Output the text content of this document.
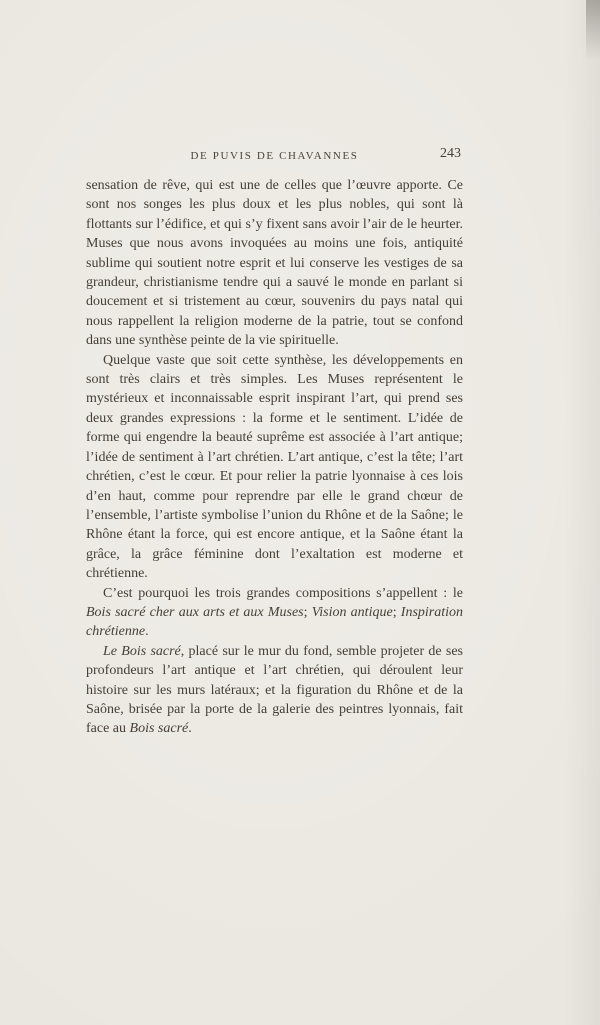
DE PUVIS DE CHAVANNES	243

sensation de rêve, qui est une de celles que l’œuvre apporte. Ce sont nos songes les plus doux et les plus nobles, qui sont là flottants sur l’édifice, et qui s’y fixent sans avoir l’air de le heurter. Muses que nous avons invoquées au moins une fois, antiquité sublime qui soutient notre esprit et lui conserve les vestiges de sa grandeur, christianisme tendre qui a sauvé le monde en parlant si doucement et si tristement au cœur, souvenirs du pays natal qui nous rappellent la religion moderne de la patrie, tout se confond dans une synthèse peinte de la vie spirituelle.

Quelque vaste que soit cette synthèse, les développements en sont très clairs et très simples. Les Muses représentent le mystérieux et inconnaissable esprit inspirant l’art, qui prend ses deux grandes expressions : la forme et le sentiment. L’idée de forme qui engendre la beauté suprême est associée à l’art antique; l’idée de sentiment à l’art chrétien. L’art antique, c’est la tête; l’art chrétien, c’est le cœur. Et pour relier la patrie lyonnaise à ces lois d’en haut, comme pour reprendre par elle le grand chœur de l’ensemble, l’artiste symbolise l’union du Rhône et de la Saône; le Rhône étant la force, qui est encore antique, et la Saône étant la grâce, la grâce féminine dont l’exaltation est moderne et chrétienne.

C’est pourquoi les trois grandes compositions s’appellent : le Bois sacré cher aux arts et aux Muses; Vision antique; Inspiration chrétienne.

Le Bois sacré, placé sur le mur du fond, semble projeter de ses profondeurs l’art antique et l’art chrétien, qui déroulent leur histoire sur les murs latéraux; et la figuration du Rhône et de la Saône, brisée par la porte de la galerie des peintres lyonnais, fait face au Bois sacré.
